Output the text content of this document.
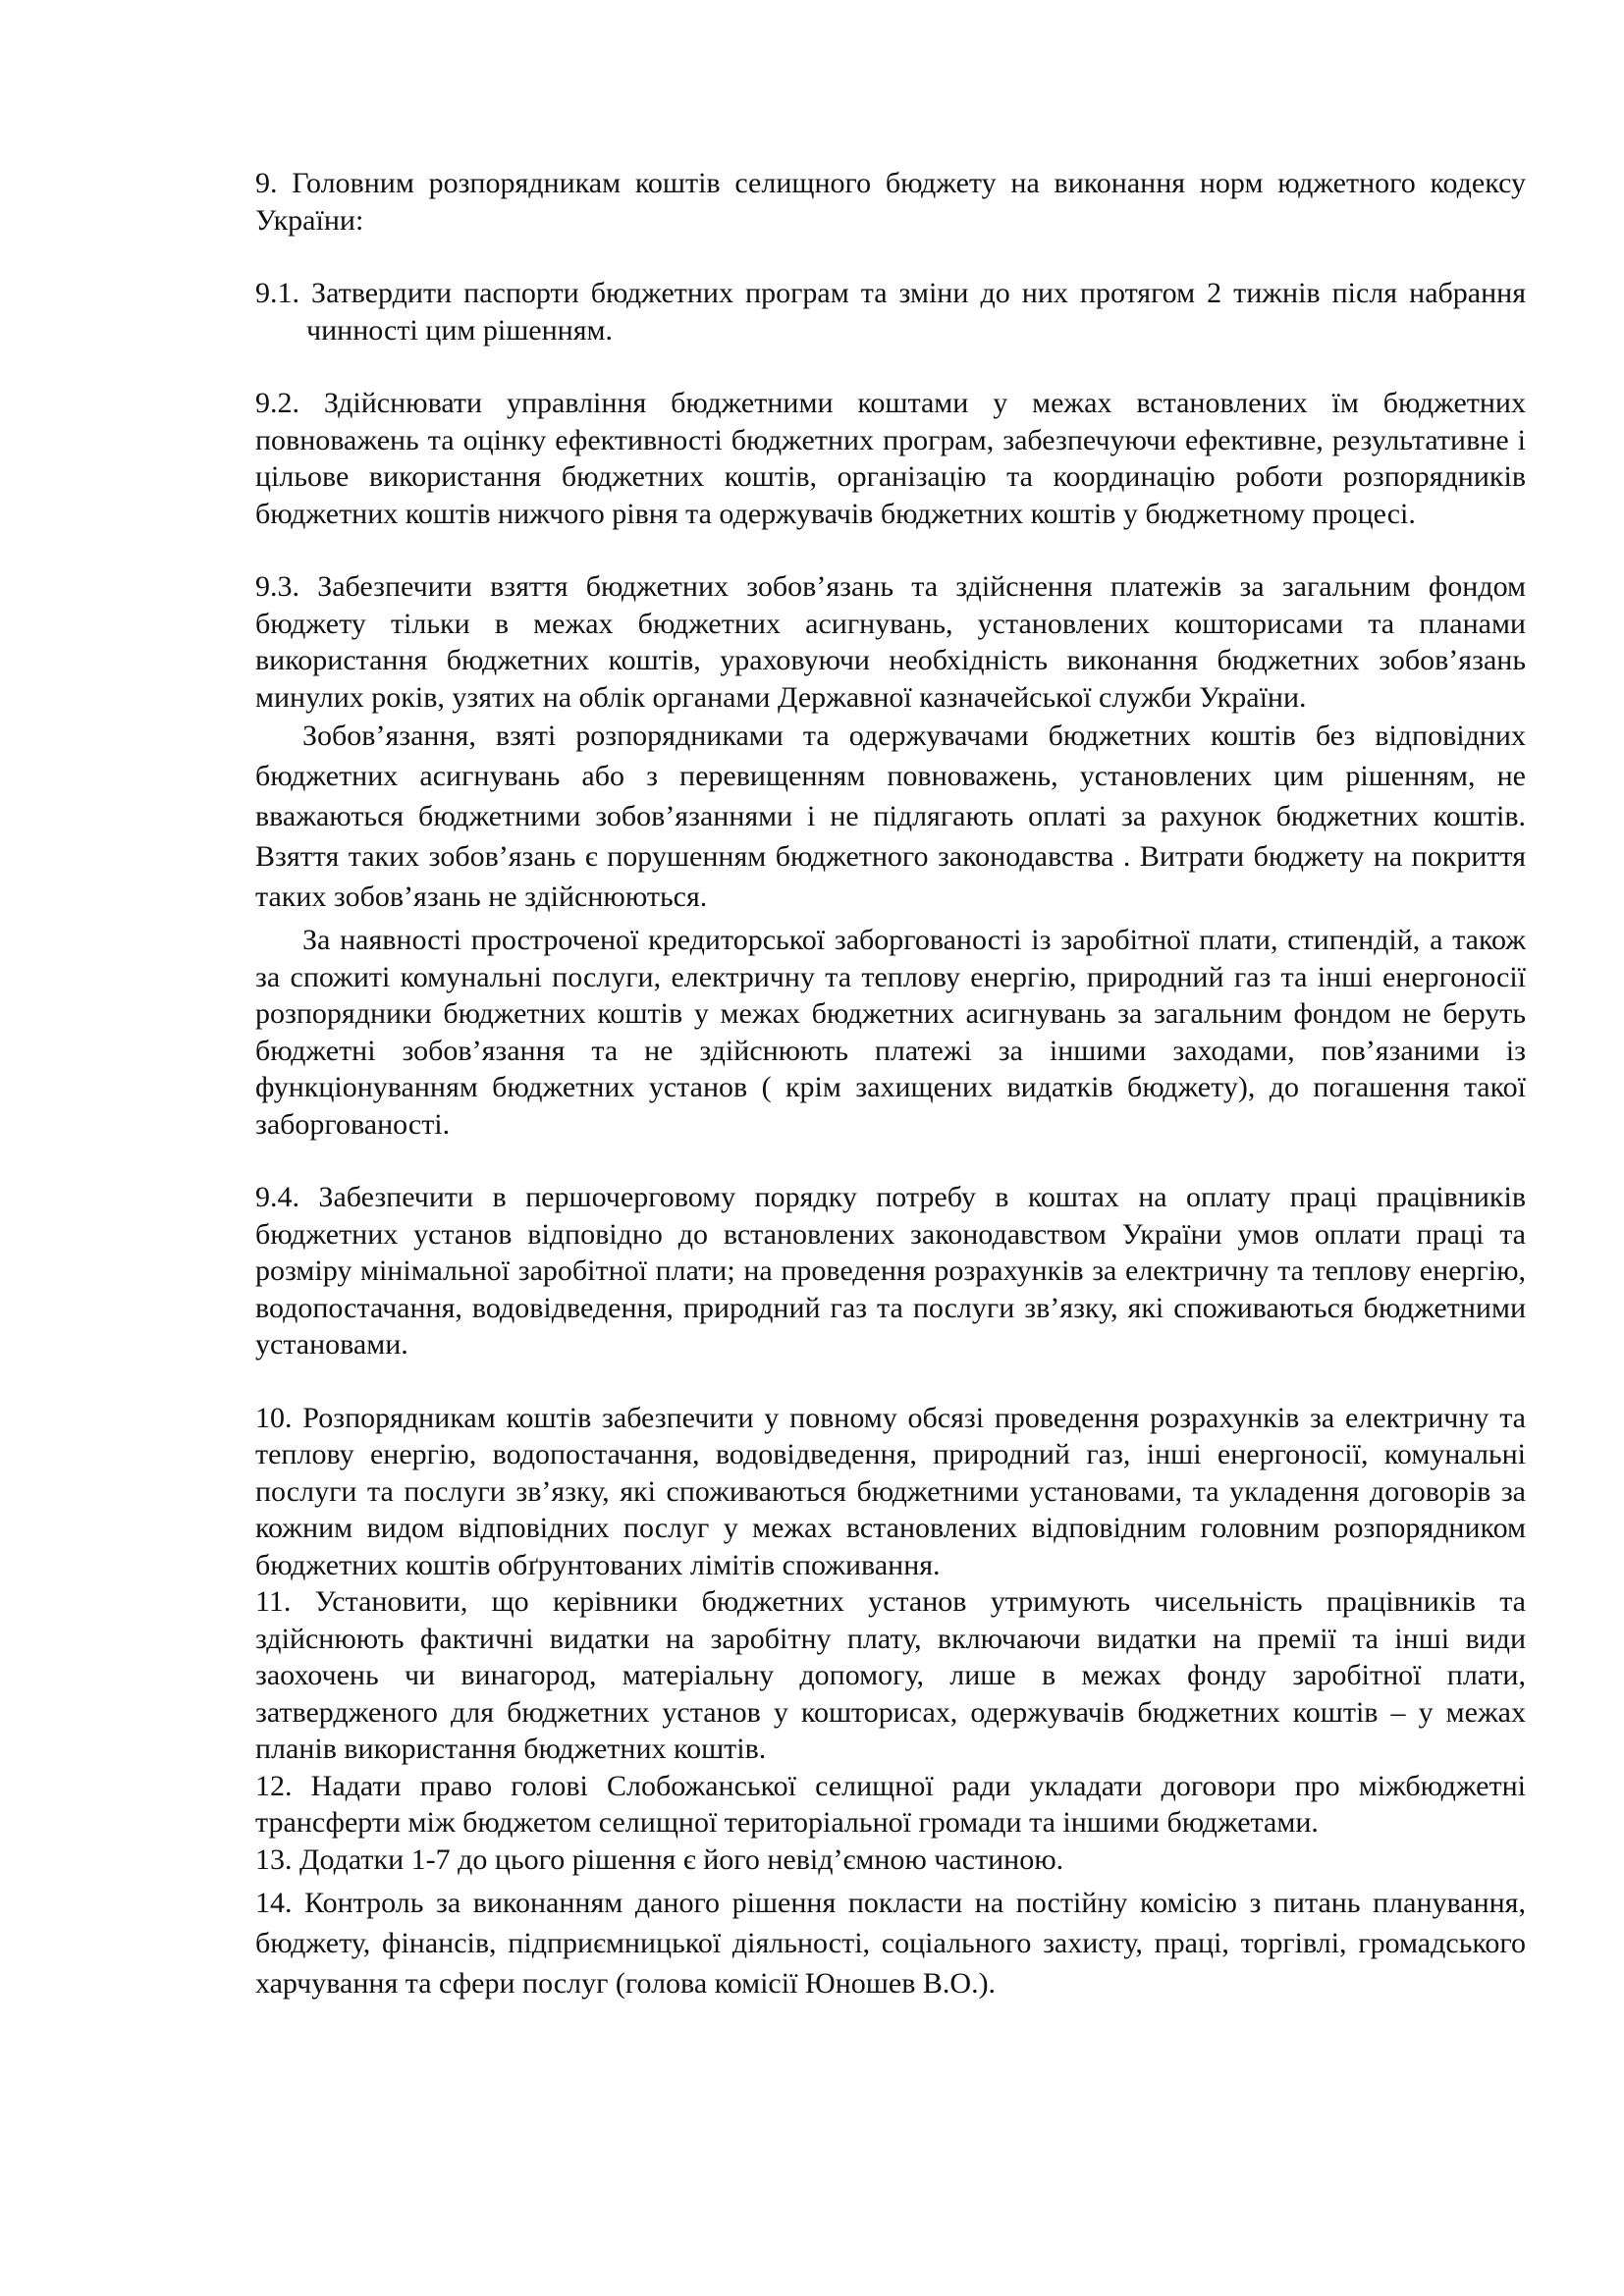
9. Головним розпорядникам коштів селищного бюджету на виконання норм юджетного кодексу України:

9.1. Затвердити паспорти бюджетних програм та зміни до них протягом 2 тижнів після набрання чинності цим рішенням.

9.2. Здійснювати управління бюджетними коштами у межах встановлених їм бюджетних повноважень та оцінку ефективності бюджетних програм, забезпечуючи ефективне, результативне і цільове використання бюджетних коштів, організацію та координацію роботи розпорядників бюджетних коштів нижчого рівня та одержувачів бюджетних коштів у бюджетному процесі.

9.3. Забезпечити взяття бюджетних зобов’язань та здійснення платежів за загальним фондом бюджету тільки в межах бюджетних асигнувань, установлених кошторисами та планами використання бюджетних коштів, ураховуючи необхідність виконання бюджетних зобов’язань минулих років, узятих на облік органами Державної казначейської служби України.

Зобов’язання, взяті розпорядниками та одержувачами бюджетних коштів без відповідних бюджетних асигнувань або з перевищенням повноважень, установлених цим рішенням, не вважаються бюджетними зобов’язаннями і не підлягають оплаті за рахунок бюджетних коштів. Взяття таких зобов’язань є порушенням бюджетного законодавства . Витрати бюджету на покриття таких зобов’язань не здійснюються.

За наявності простроченої кредиторської заборгованості із заробітної плати, стипендій, а також за спожиті комунальні послуги, електричну та теплову енергію, природний газ та інші енергоносії розпорядники бюджетних коштів у межах бюджетних асигнувань за загальним фондом не беруть бюджетні зобов’язання та не здійснюють платежі за іншими заходами, пов’язаними із функціонуванням бюджетних установ ( крім захищених видатків бюджету), до погашення такої заборгованості.

9.4. Забезпечити в першочерговому порядку потребу в коштах на оплату праці працівників бюджетних установ відповідно до встановлених законодавством України умов оплати праці та розміру мінімальної заробітної плати; на проведення розрахунків за електричну та теплову енергію, водопостачання, водовідведення, природний газ та послуги зв’язку, які споживаються бюджетними установами.

10. Розпорядникам коштів забезпечити у повному обсязі проведення розрахунків за електричну та теплову енергію, водопостачання, водовідведення, природний газ, інші енергоносії, комунальні послуги та послуги зв’язку, які споживаються бюджетними установами, та укладення договорів за кожним видом відповідних послуг у межах встановлених відповідним головним розпорядником бюджетних коштів обґрунтованих лімітів споживання.

11. Установити, що керівники бюджетних установ утримують чисельність працівників та здійснюють фактичні видатки на заробітну плату, включаючи видатки на премії та інші види заохочень чи винагород, матеріальну допомогу, лише в межах фонду заробітної плати, затвердженого для бюджетних установ у кошторисах, одержувачів бюджетних коштів – у межах планів використання бюджетних коштів.

12. Надати право голові Слобожанської селищної ради укладати договори про міжбюджетні трансферти між бюджетом селищної територіальної громади та іншими бюджетами.

13. Додатки 1-7 до цього рішення є його невід’ємною частиною.

14. Контроль за виконанням даного рішення покласти на постійну комісію з питань планування, бюджету, фінансів, підприємницької діяльності, соціального захисту, праці, торгівлі, громадського харчування та сфери послуг (голова комісії Юношев В.О.).
